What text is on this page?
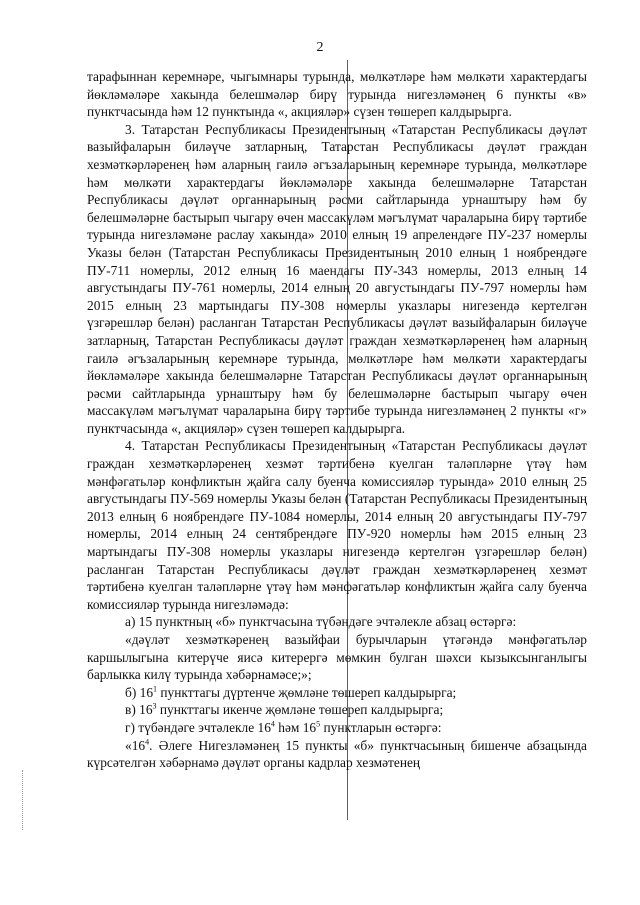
2

тарафыннан керемнәре, чыгымнары турында, мөлкәтләре һәм мөлкәти характердагы йөкләмәләре хакында белешмәләр бирү турында нигезләмәнең 6 пункты «в» пунктчасында һәм 12 пунктында «, акцияләр» сүзен төшереп калдырырга.

3. Татарстан Республикасы Президентының «Татарстан Республикасы дәүләт вазыйфаларын биләүче затларның, Татарстан Республикасы дәүләт граждан хезмәткәрләренең һәм аларның гаилә әгъзаларының керемнәре турында, мөлкәтләре һәм мөлкәти характердагы йөкләмәләре хакында белешмәләрне Татарстан Республикасы дәүләт органнарының рәсми сайтларында урнаштыру һәм бу белешмәләрне бастырып чыгару өчен массакүләм мәгълүмат чараларына бирү тәртибе турында нигезләмәне раслау хакында» 2010 елның 19 апрелендәге ПУ-237 номерлы Указы белән (Татарстан Республикасы Президентының 2010 елның 1 ноябрендәге ПУ-711 номерлы, 2012 елның 16 маендагы ПУ-343 номерлы, 2013 елның 14 августындагы ПУ-761 номерлы, 2014 елның 20 августындагы ПУ-797 номерлы һәм 2015 елның 23 мартындагы ПУ-308 номерлы указлары нигезендә кертелгән үзгәрешләр белән) расланган Татарстан Республикасы дәүләт вазыйфаларын биләүче затларның, Татарстан Республикасы дәүләт граждан хезмәткәрләренең һәм аларның гаилә әгъзаларының керемнәре турында, мөлкәтләре һәм мөлкәти характердагы йөкләмәләре хакында белешмәләрне Татарстан Республикасы дәүләт органнарының рәсми сайтларында урнаштыру һәм бу белешмәләрне бастырып чыгару өчен массакүләм мәгълүмат чараларына бирү тәртибе турында нигезләмәнең 2 пункты «г» пунктчасында «, акцияләр» сүзен төшереп калдырырга.

4. Татарстан Республикасы Президентының «Татарстан Республикасы дәүләт граждан хезмәткәрләренең хезмәт тәртибенә куелган таләпләрне үтәү һәм мәнфәгатьләр конфликтын җайга салу буенча комиссияләр турында» 2010 елның 25 августындагы ПУ-569 номерлы Указы белән (Татарстан Республикасы Президентының 2013 елның 6 ноябрендәге ПУ-1084 номерлы, 2014 елның 20 августындагы ПУ-797 номерлы, 2014 елның 24 сентябрендәге ПУ-920 номерлы һәм 2015 елның 23 мартындагы ПУ-308 номерлы указлары нигезендә кертелгән үзгәрешләр белән) расланган Татарстан Республикасы дәүләт граждан хезмәткәрләренең хезмәт тәртибенә куелган таләпләрне үтәү һәм мәнфәгатьләр конфликтын җайга салу буенча комиссияләр турында нигезләмәдә:

а) 15 пунктның «б» пунктчасына түбәндәге эчтәлекле абзац өстәргә:

«дәүләт хезмәткәренең вазыйфаи бурычларын үтәгәндә мәнфәгатьләр каршылыгына китерүче яисә китерергә мөмкин булган шәхси кызыксынганлыгы барлыкка килү турында хәбәрнамәсе;»;

б) $16^1$ пункттагы дүртенче җөмләне төшереп калдырырга;

в) $16^3$ пункттагы икенче җөмләне төшереп калдырырга;

г) түбәндәге эчтәлекле $16^4$ һәм $16^5$ пунктларын өстәргә:

«$16^4$. Әлеге Нигезләмәнең 15 пункты «б» пунктчасының бишенче абзацында күрсәтелгән хәбәрнамә дәүләт органы кадрлар хезмәтенең
